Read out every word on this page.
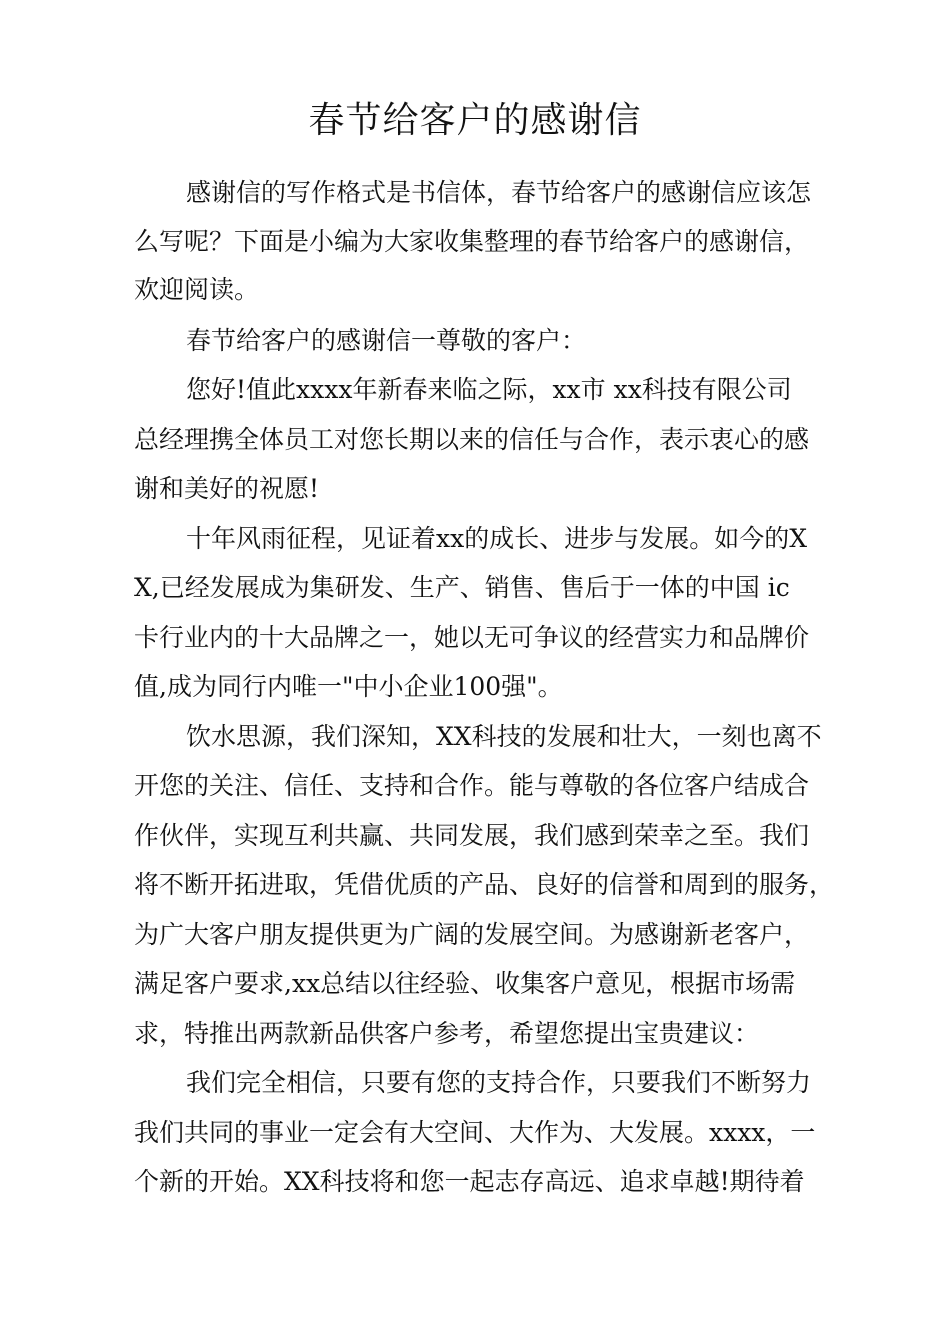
春节给客户的感谢信

感谢信的写作格式是书信体，春节给客户的感谢信应该怎

么写呢？下面是小编为大家收集整理的春节给客户的感谢信，

欢迎阅读。

春节给客户的感谢信一尊敬的客户：

您好!值此xxxx年新春来临之际，xx市 xx科技有限公司

总经理携全体员工对您长期以来的信任与合作，表示衷心的感

谢和美好的祝愿!

十年风雨征程，见证着xx的成长、进步与发展。如今的X

X,已经发展成为集研发、生产、销售、售后于一体的中国 ic

卡行业内的十大品牌之一，她以无可争议的经营实力和品牌价

值,成为同行内唯一"中小企业100强"。

饮水思源，我们深知，XX科技的发展和壮大，一刻也离不

开您的关注、信任、支持和合作。能与尊敬的各位客户结成合

作伙伴，实现互利共赢、共同发展，我们感到荣幸之至。我们

将不断开拓进取，凭借优质的产品、良好的信誉和周到的服务，

为广大客户朋友提供更为广阔的发展空间。为感谢新老客户，

满足客户要求,xx总结以往经验、收集客户意见，根据市场需

求，特推出两款新品供客户参考，希望您提出宝贵建议：

我们完全相信，只要有您的支持合作，只要我们不断努力

我们共同的事业一定会有大空间、大作为、大发展。xxxx，一

个新的开始。XX科技将和您一起志存高远、追求卓越!期待着
